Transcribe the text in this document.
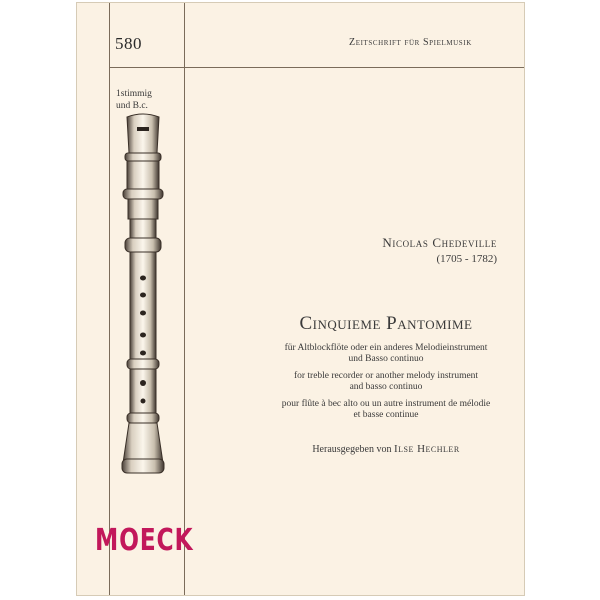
580	Zeitschrift für Spielmusik
1stimmig
und B.c.
Nicolas Chedeville
(1705 - 1782)
Cinquieme Pantomime
für Altblockflöte oder ein anderes Melodieinstrument
und Basso continuo
for treble recorder or another melody instrument
and basso continuo
pour flûte à bec alto ou un autre instrument de mélodie
et basse continue
Herausgegeben von Ilse Hechler
MOECK
